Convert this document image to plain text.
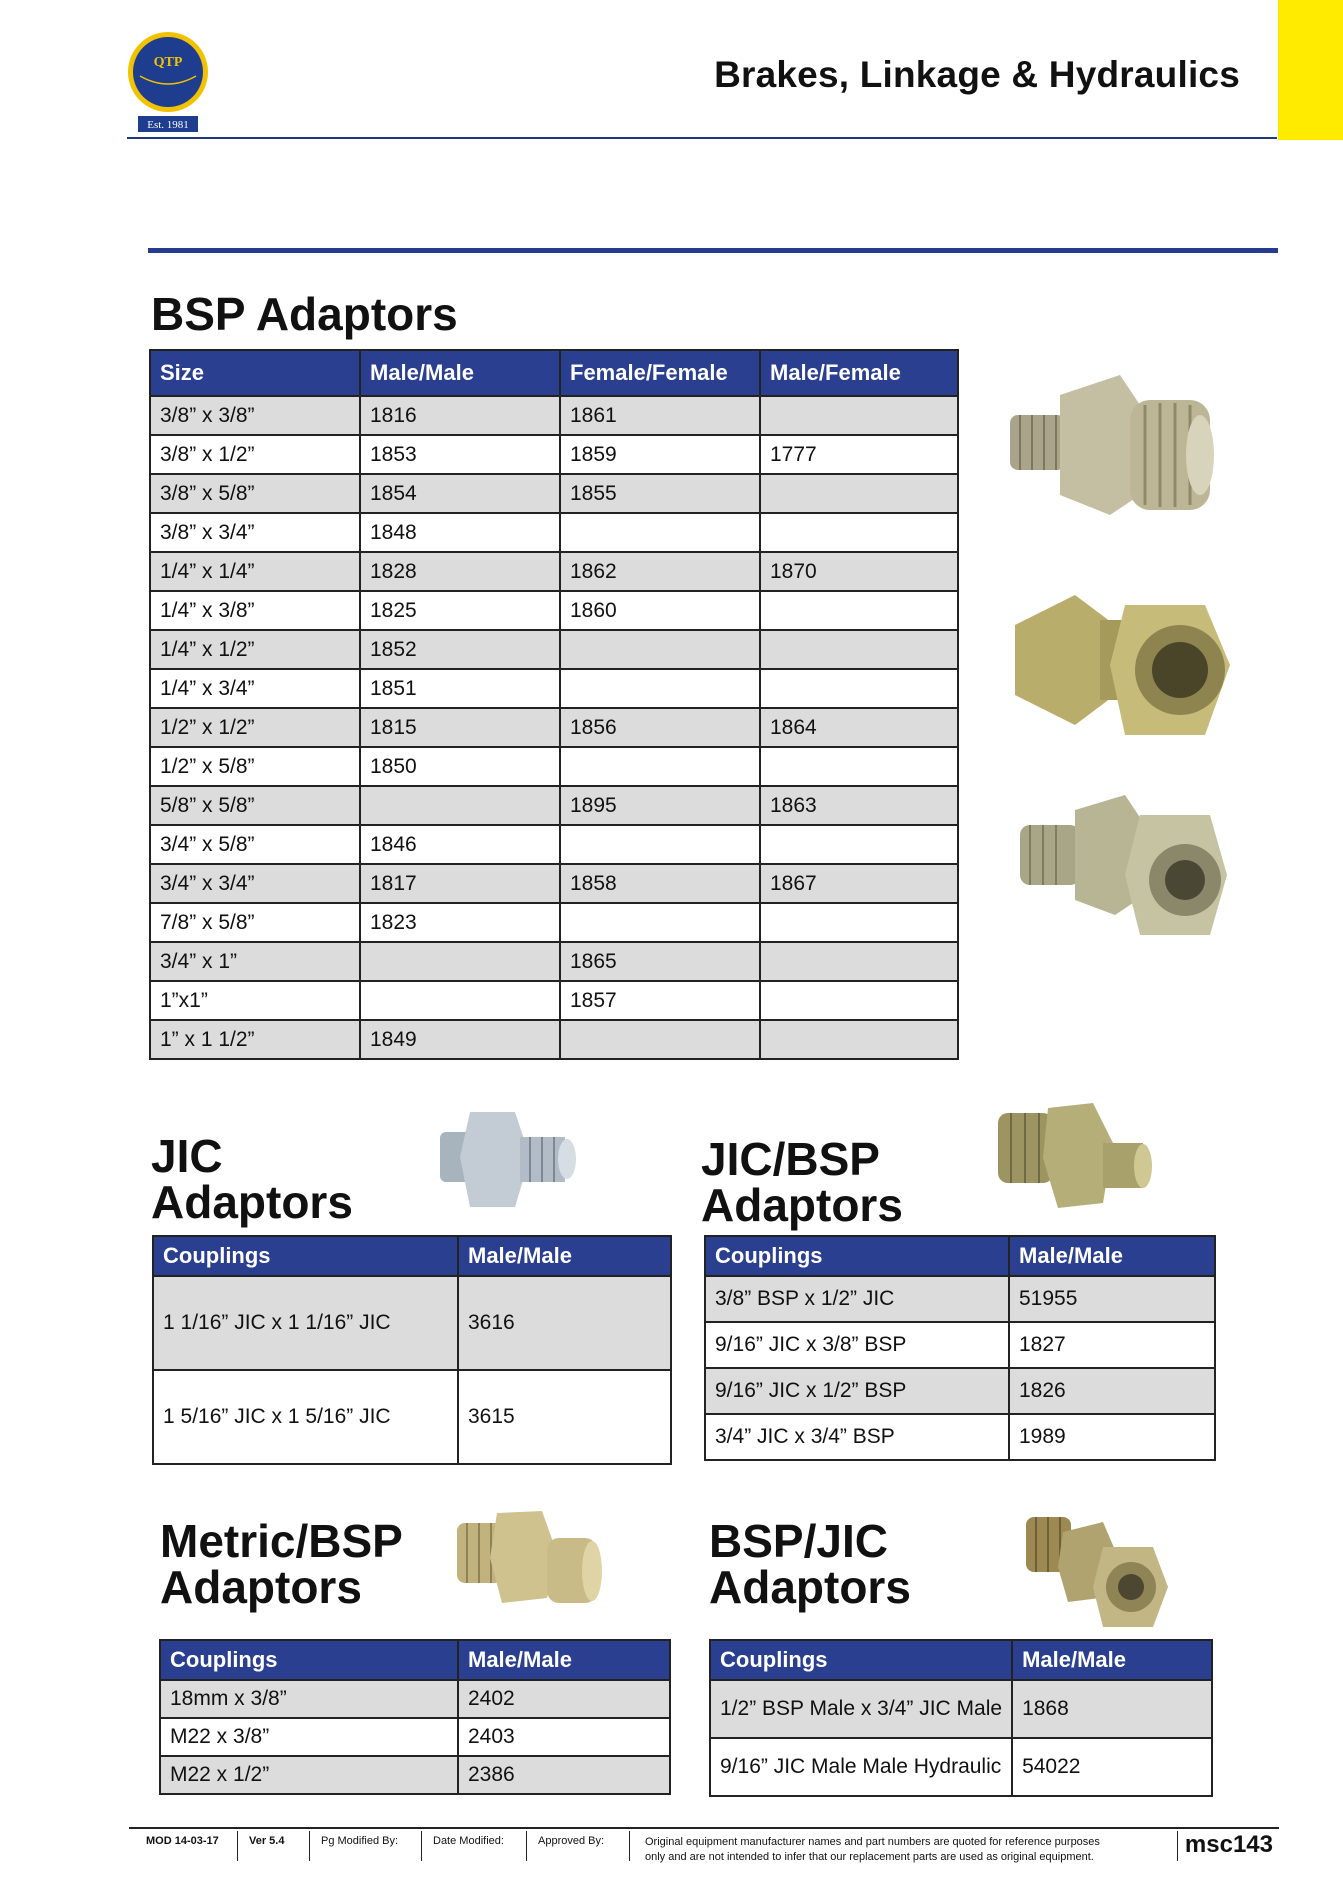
QTP
Est. 1981
Brakes, Linkage & Hydraulics
BSP Adaptors
Size	Male/Male	Female/Female	Male/Female
3/8” x 3/8”	1816	1861	
3/8” x 1/2”	1853	1859	1777
3/8” x 5/8”	1854	1855	
3/8” x 3/4”	1848		
1/4” x 1/4”	1828	1862	1870
1/4” x 3/8”	1825	1860	
1/4” x 1/2”	1852		
1/4” x 3/4”	1851		
1/2” x 1/2”	1815	1856	1864
1/2” x 5/8”	1850		
5/8” x 5/8”		1895	1863
3/4” x 5/8”	1846		
3/4” x 3/4”	1817	1858	1867
7/8” x 5/8”	1823		
3/4” x 1”		1865	
1”x1”		1857	
1” x 1 1/2”	1849		
JIC
Adaptors
Couplings	Male/Male
1 1/16” JIC x 1 1/16” JIC	3616
1 5/16” JIC x 1 5/16” JIC	3615
JIC/BSP
Adaptors
Couplings	Male/Male
3/8” BSP x 1/2” JIC	51955
9/16” JIC x 3/8” BSP	1827
9/16” JIC x 1/2” BSP	1826
3/4” JIC x 3/4” BSP	1989
Metric/BSP
Adaptors
Couplings	Male/Male
18mm x 3/8”	2402
M22 x 3/8”	2403
M22 x 1/2”	2386
BSP/JIC
Adaptors
Couplings	Male/Male
1/2” BSP Male x 3/4” JIC Male	1868
9/16” JIC Male Male Hydraulic	54022
MOD 14-03-17	Ver 5.4	Pg Modified By:	Date Modified:	Approved By:	Original equipment manufacturer names and part numbers are quoted for reference purposes
only and are not intended to infer that our replacement parts are used as original equipment.	msc143
